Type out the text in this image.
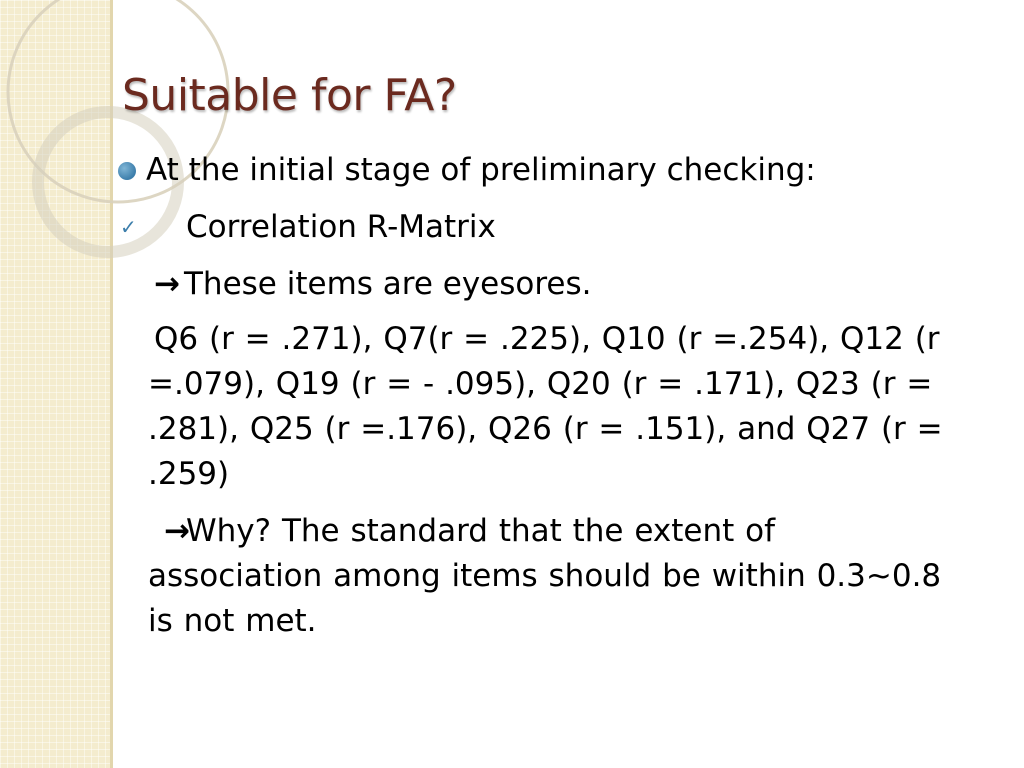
Suitable for FA?
At the initial stage of preliminary checking:
✓ Correlation R-Matrix
→ These items are eyesores.
Q6 (r = .271), Q7(r = .225), Q10 (r =.254), Q12 (r =.079), Q19 (r = - .095), Q20 (r = .171), Q23 (r = .281), Q25 (r =.176), Q26 (r = .151), and Q27 (r = .259)
→Why? The standard that the extent of association among items should be within 0.3~0.8 is not met.
